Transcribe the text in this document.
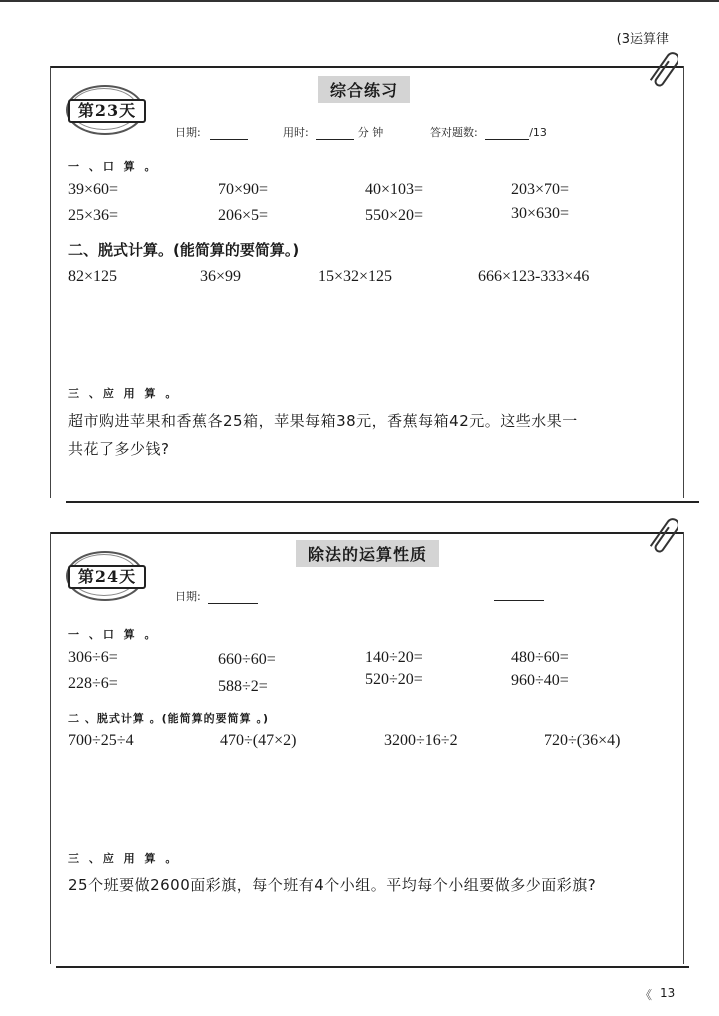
(3运算律
第23天
综合练习
日期:	用时:	分 钟	答对题数:	/13
一 、口 算 。
39×60=	70×90=	40×103=	203×70=
25×36=	206×5=	550×20=	30×630=
二、脱式计算。(能简算的要简算。)
82×125	36×99	15×32×125	666×123-333×46
三 、应 用 算 。
超市购进苹果和香蕉各25箱，苹果每箱38元，香蕉每箱42元。这些水果一
共花了多少钱?
第24天
除法的运算性质
日期:
一 、口 算 。
306÷6=	660÷60=	140÷20=	480÷60=
228÷6=	588÷2=	520÷20=	960÷40=
二 、脱式计算 。(能简算的要简算 。)
700÷25÷4	470÷(47×2)	3200÷16÷2	720÷(36×4)
三 、应 用 算 。
25个班要做2600面彩旗，每个班有4个小组。平均每个小组要做多少面彩旗?
《 13
